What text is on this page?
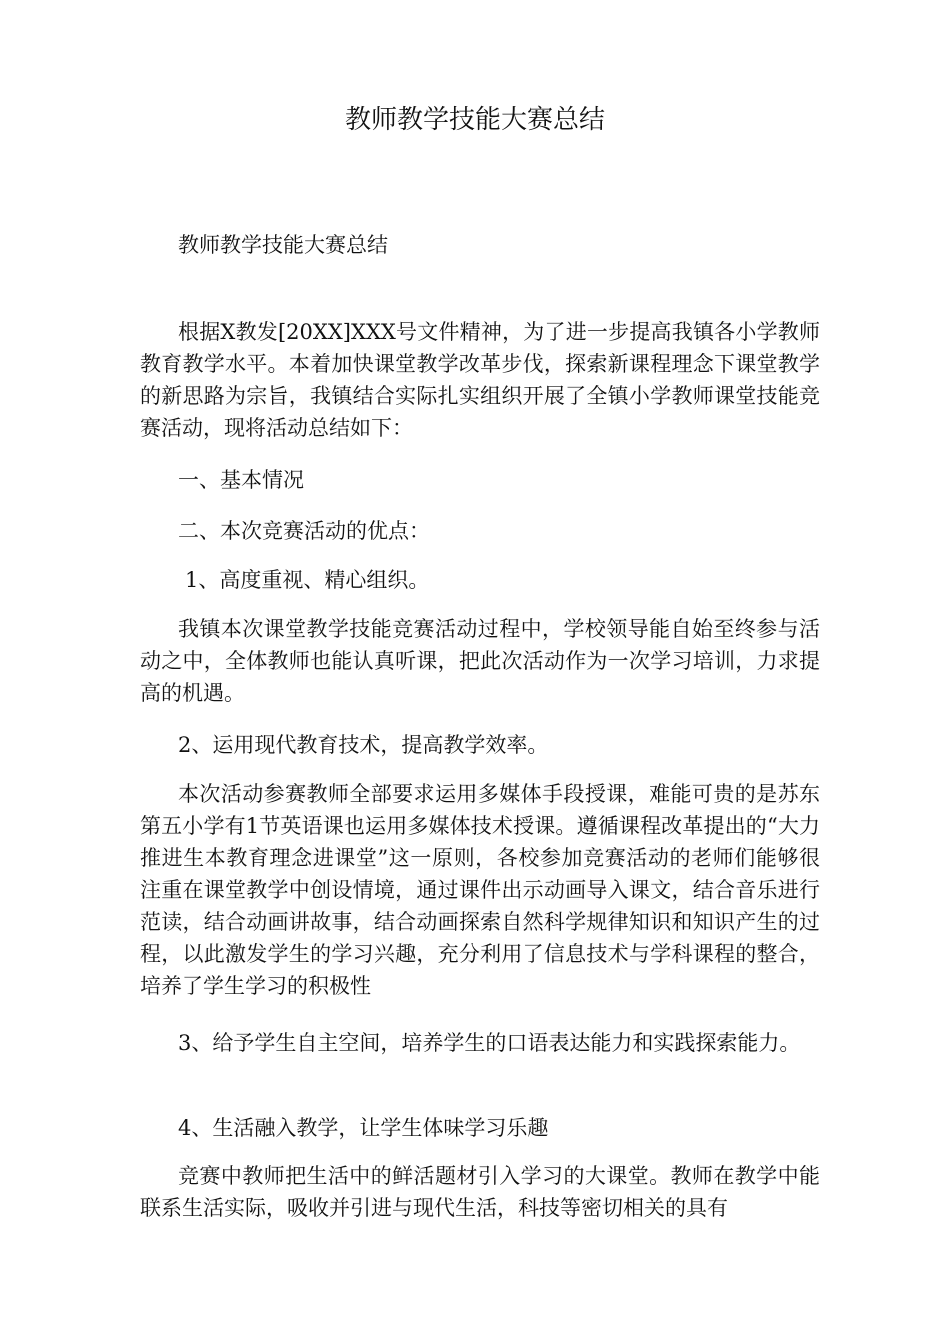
教师教学技能大赛总结

教师教学技能大赛总结

根据X教发[20XX]XXX号文件精神，为了进一步提高我镇各小学教师教育教学水平。本着加快课堂教学改革步伐，探索新课程理念下课堂教学的新思路为宗旨，我镇结合实际扎实组织开展了全镇小学教师课堂技能竞赛活动，现将活动总结如下：

一、基本情况

二、本次竞赛活动的优点：

1、高度重视、精心组织。

我镇本次课堂教学技能竞赛活动过程中，学校领导能自始至终参与活动之中，全体教师也能认真听课，把此次活动作为一次学习培训，力求提高的机遇。

2、运用现代教育技术，提高教学效率。

本次活动参赛教师全部要求运用多媒体手段授课，难能可贵的是苏东第五小学有1节英语课也运用多媒体技术授课。遵循课程改革提出的“大力推进生本教育理念进课堂”这一原则，各校参加竞赛活动的老师们能够很注重在课堂教学中创设情境，通过课件出示动画导入课文，结合音乐进行范读，结合动画讲故事，结合动画探索自然科学规律知识和知识产生的过程，以此激发学生的学习兴趣，充分利用了信息技术与学科课程的整合，培养了学生学习的积极性

3、给予学生自主空间，培养学生的口语表达能力和实践探索能力。

4、生活融入教学，让学生体味学习乐趣

竞赛中教师把生活中的鲜活题材引入学习的大课堂。教师在教学中能联系生活实际，吸收并引进与现代生活，科技等密切相关的具有
